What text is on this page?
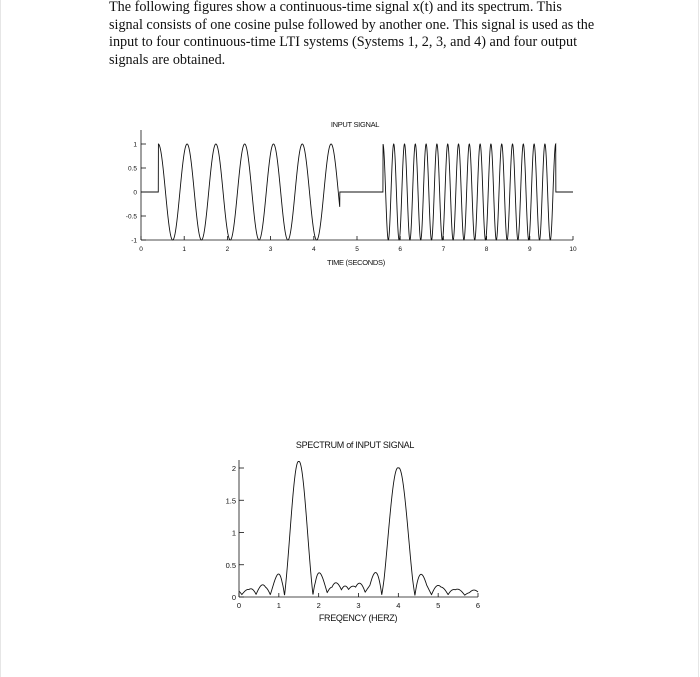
The following figures show a continuous-time signal x(t) and its spectrum. This signal consists of one cosine pulse followed by another one. This signal is used as the input to four continuous-time LTI systems (Systems 1, 2, 3, and 4) and four output signals are obtained.

INPUT SIGNAL
1
0.5
0
-0.5
-1
0	1	2	3	4	5	6	7	8	9	10
TIME (SECONDS)
SPECTRUM of INPUT SIGNAL
2
1.5
1
0.5
0
0	1	2	3	4	5	6
FREQENCY (HERZ)
